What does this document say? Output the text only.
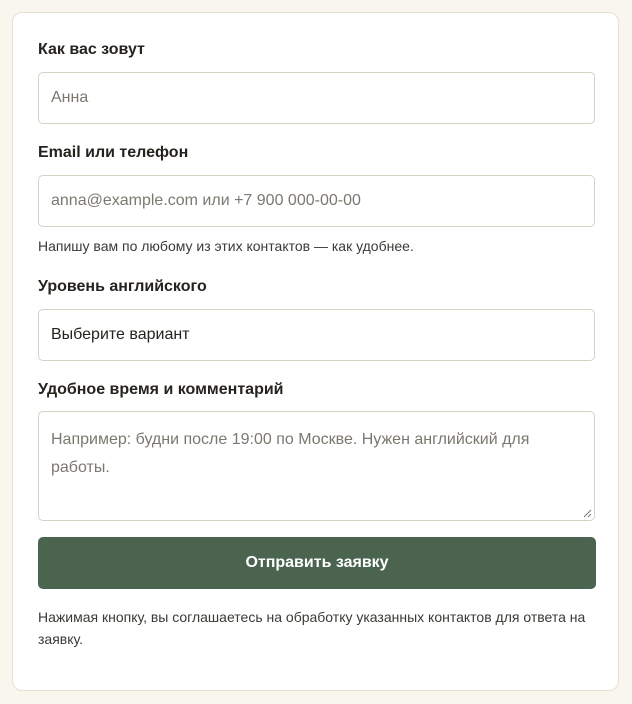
Как вас зовут
Анна
Email или телефон
anna@example.com или +7 900 000-00-00
Напишу вам по любому из этих контактов — как удобнее.
Уровень английского
Выберите вариант
Удобное время и комментарий
Например: будни после 19:00 по Москве. Нужен английский для работы.
Отправить заявку
Нажимая кнопку, вы соглашаетесь на обработку указанных контактов для ответа на заявку.
